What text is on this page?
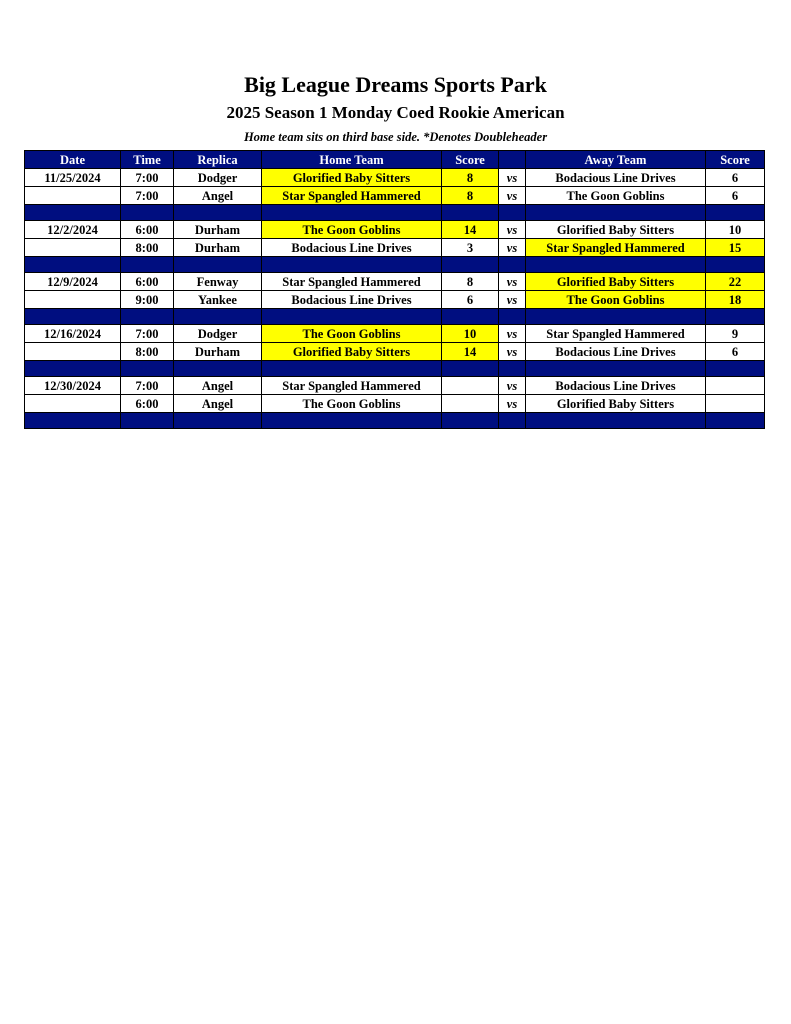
Big League Dreams Sports Park
2025 Season 1 Monday Coed Rookie American
Home team sits on third base side. *Denotes Doubleheader
Date	Time	Replica	Home Team	Score		Away Team	Score
11/25/2024	7:00	Dodger	Glorified Baby Sitters	8	vs	Bodacious Line Drives	6
	7:00	Angel	Star Spangled Hammered	8	vs	The Goon Goblins	6

12/2/2024	6:00	Durham	The Goon Goblins	14	vs	Glorified Baby Sitters	10
	8:00	Durham	Bodacious Line Drives	3	vs	Star Spangled Hammered	15

12/9/2024	6:00	Fenway	Star Spangled Hammered	8	vs	Glorified Baby Sitters	22
	9:00	Yankee	Bodacious Line Drives	6	vs	The Goon Goblins	18

12/16/2024	7:00	Dodger	The Goon Goblins	10	vs	Star Spangled Hammered	9
	8:00	Durham	Glorified Baby Sitters	14	vs	Bodacious Line Drives	6

12/30/2024	7:00	Angel	Star Spangled Hammered		vs	Bodacious Line Drives	
	6:00	Angel	The Goon Goblins		vs	Glorified Baby Sitters	
